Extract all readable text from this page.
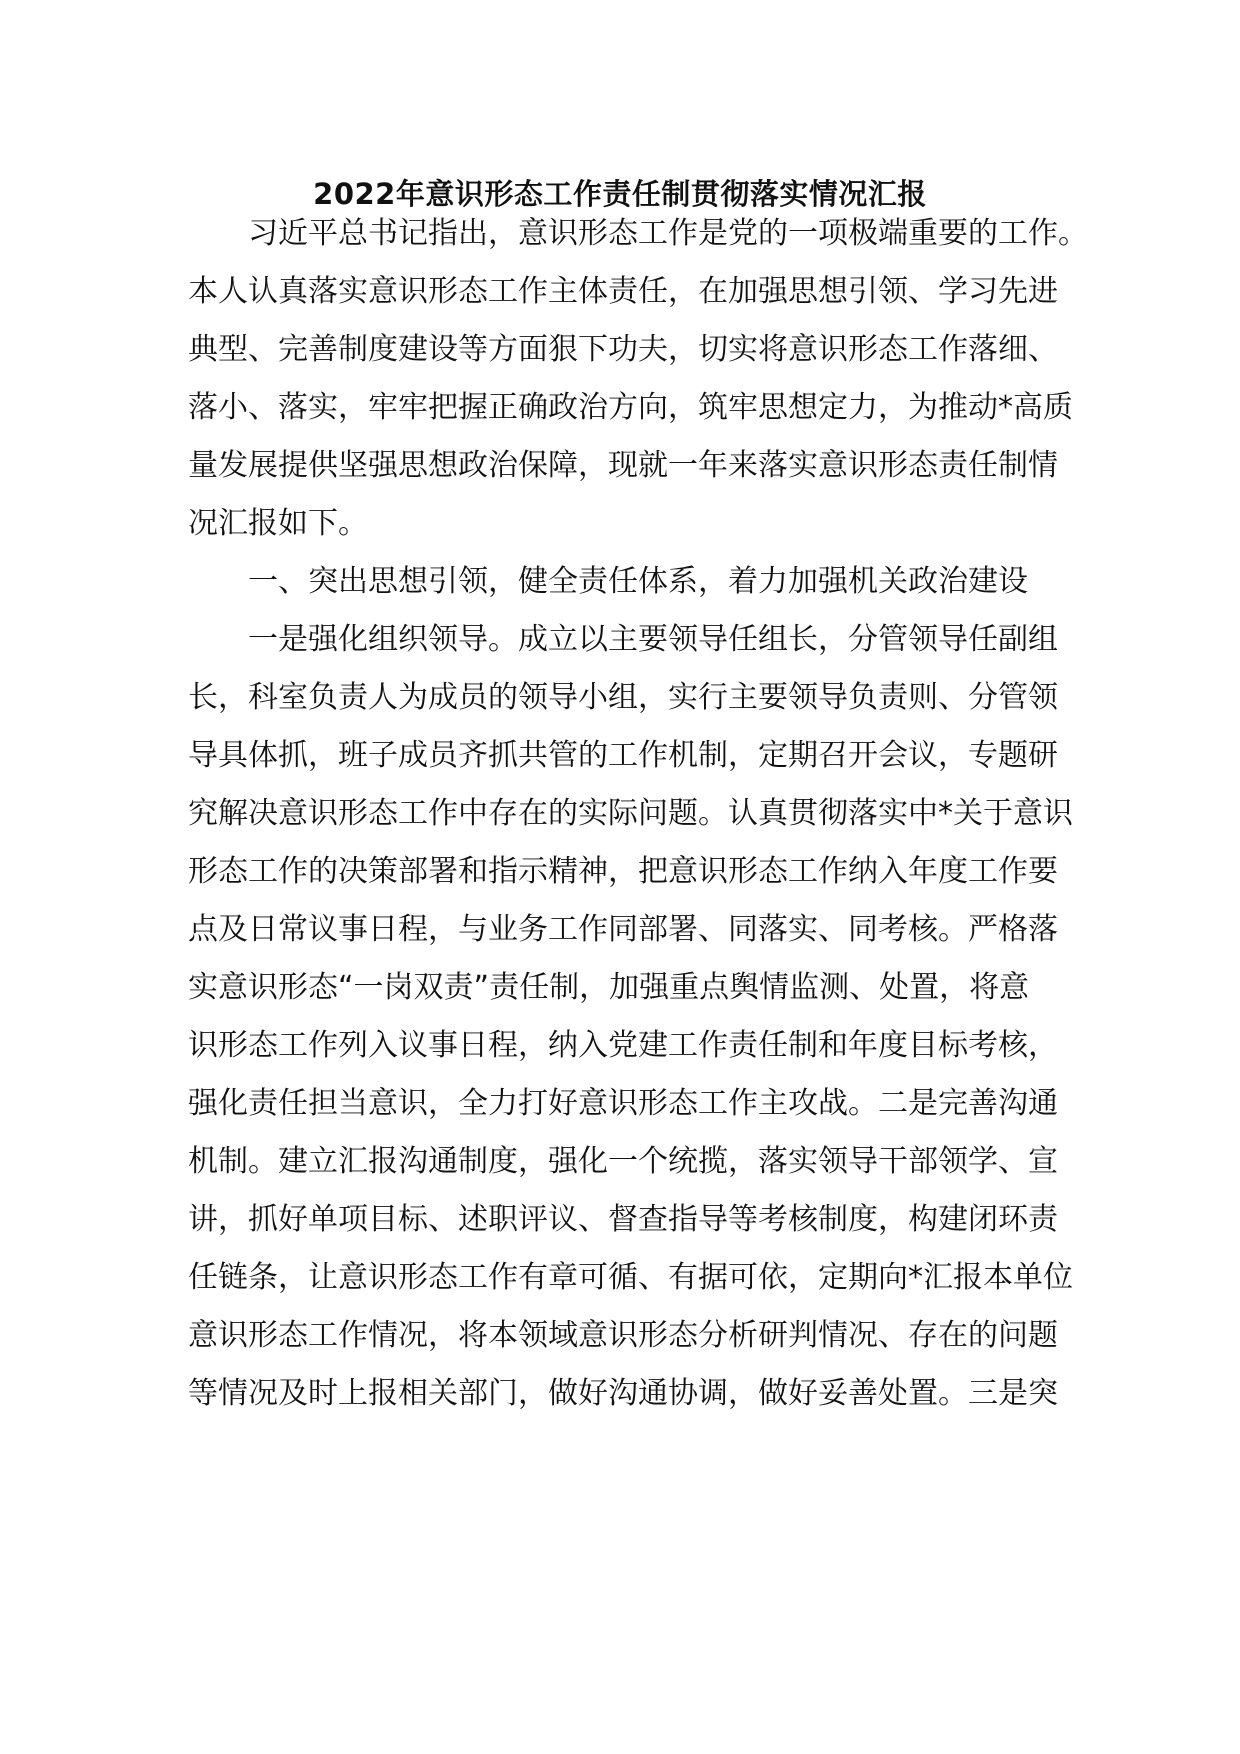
2022年意识形态工作责任制贯彻落实情况汇报
习近平总书记指出，意识形态工作是党的一项极端重要的工作。
本人认真落实意识形态工作主体责任，在加强思想引领、学习先进
典型、完善制度建设等方面狠下功夫，切实将意识形态工作落细、
落小、落实，牢牢把握正确政治方向，筑牢思想定力，为推动*高质
量发展提供坚强思想政治保障，现就一年来落实意识形态责任制情
况汇报如下。
一、突出思想引领，健全责任体系，着力加强机关政治建设
一是强化组织领导。成立以主要领导任组长，分管领导任副组
长，科室负责人为成员的领导小组，实行主要领导负责则、分管领
导具体抓，班子成员齐抓共管的工作机制，定期召开会议，专题研
究解决意识形态工作中存在的实际问题。认真贯彻落实中*关于意识
形态工作的决策部署和指示精神，把意识形态工作纳入年度工作要
点及日常议事日程，与业务工作同部署、同落实、同考核。严格落
实意识形态“一岗双责”责任制，加强重点舆情监测、处置，将意
识形态工作列入议事日程，纳入党建工作责任制和年度目标考核，
强化责任担当意识，全力打好意识形态工作主攻战。二是完善沟通
机制。建立汇报沟通制度，强化一个统揽，落实领导干部领学、宣
讲，抓好单项目标、述职评议、督查指导等考核制度，构建闭环责
任链条，让意识形态工作有章可循、有据可依，定期向*汇报本单位
意识形态工作情况，将本领域意识形态分析研判情况、存在的问题
等情况及时上报相关部门，做好沟通协调，做好妥善处置。三是突
